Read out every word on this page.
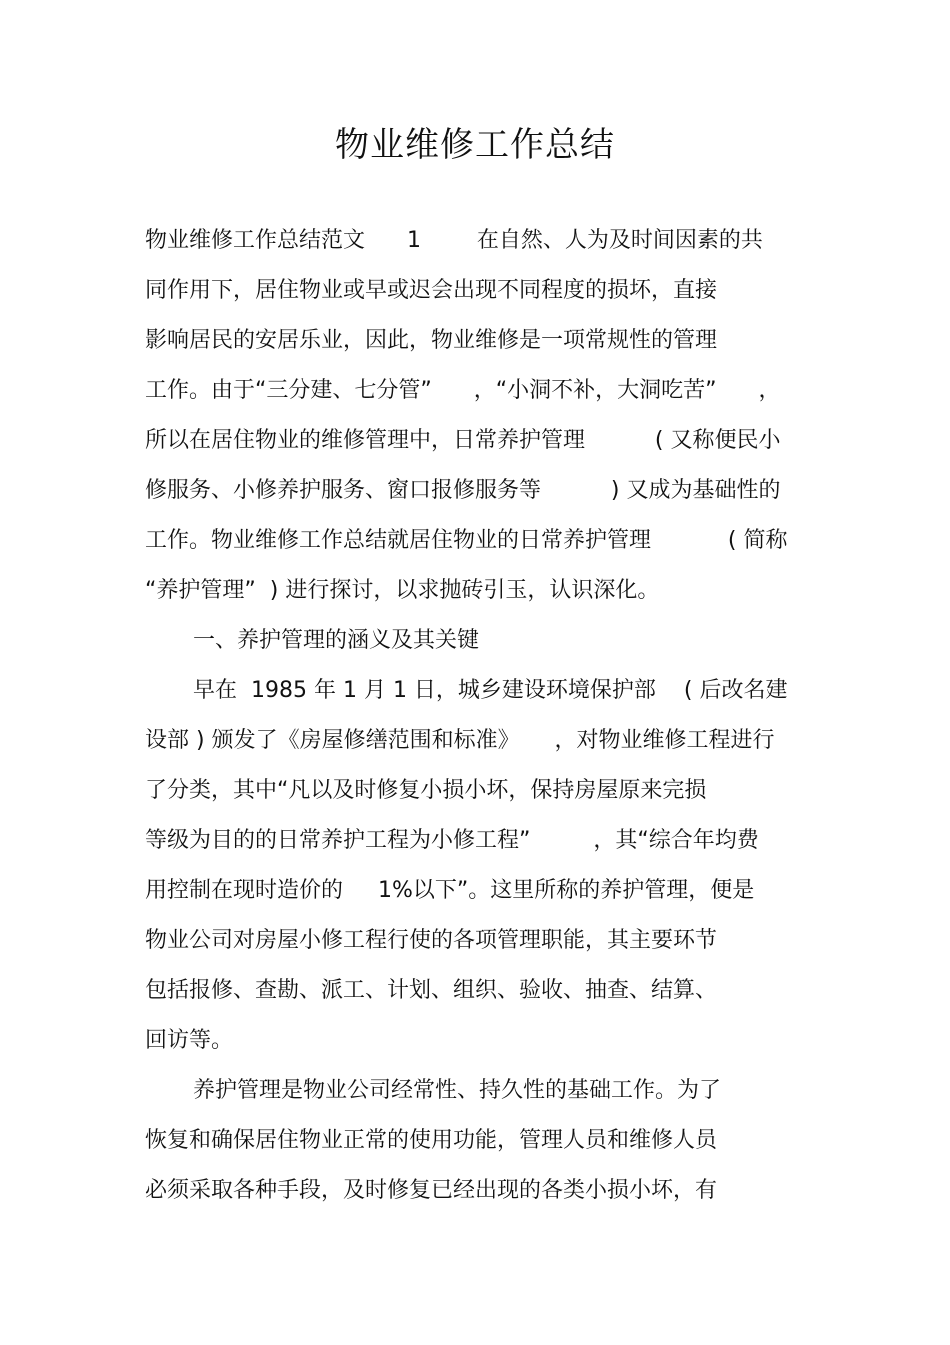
物业维修工作总结

物业维修工作总结范文      1        在自然、人为及时间因素的共

同作用下，居住物业或早或迟会出现不同程度的损坏，直接

影响居民的安居乐业，因此，物业维修是一项常规性的管理

工作。由于“三分建、七分管”      ，“小洞不补，大洞吃苦”      ，

所以在居住物业的维修管理中，日常养护管理          ( 又称便民小

修服务、小修养护服务、窗口报修服务等          ) 又成为基础性的

工作。物业维修工作总结就居住物业的日常养护管理           ( 简称

“养护管理”  ) 进行探讨，以求抛砖引玉，认识深化。

一、养护管理的涵义及其关键

早在  1985 年 1 月 1 日，城乡建设环境保护部    ( 后改名建

设部 ) 颁发了《房屋修缮范围和标准》     ，对物业维修工程进行

了分类，其中“凡以及时修复小损小坏，保持房屋原来完损

等级为目的的日常养护工程为小修工程”         ，其“综合年均费

用控制在现时造价的     1%以下”。这里所称的养护管理，便是

物业公司对房屋小修工程行使的各项管理职能，其主要环节

包括报修、查勘、派工、计划、组织、验收、抽查、结算、

回访等。

养护管理是物业公司经常性、持久性的基础工作。为了

恢复和确保居住物业正常的使用功能，管理人员和维修人员

必须采取各种手段，及时修复已经出现的各类小损小坏，有
